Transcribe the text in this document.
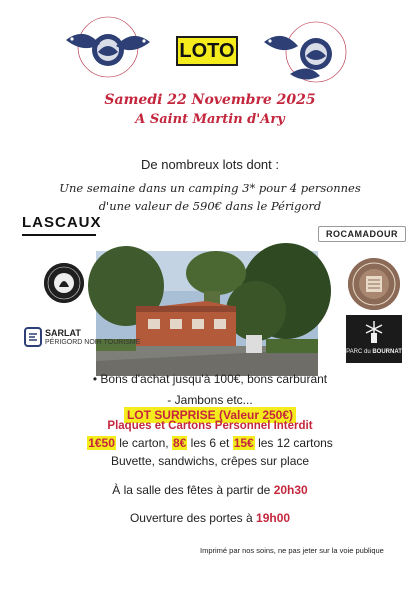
LOTO
Samedi 22 Novembre 2025
A Saint Martin d'Ary
De nombreux lots dont :
Une semaine dans un camping 3* pour 4 personnes
d'une valeur de 590€ dans le Périgord
LASCAUX
ROCAMADOUR
SARLAT
PÉRIGORD NOIR TOURISME
PARC du BOURNAT
• Bons d'achat jusqu'à 100€, bons carburant
- Jambons etc...
LOT SURPRISE (Valeur 250€)
Plaques et Cartons Personnel Interdit
1€50 le carton, 8€ les 6 et 15€ les 12 cartons
Buvette, sandwichs, crêpes sur place
À la salle des fêtes à partir de 20h30
Ouverture des portes à 19h00
Imprimé par nos soins, ne pas jeter sur la voie publique
